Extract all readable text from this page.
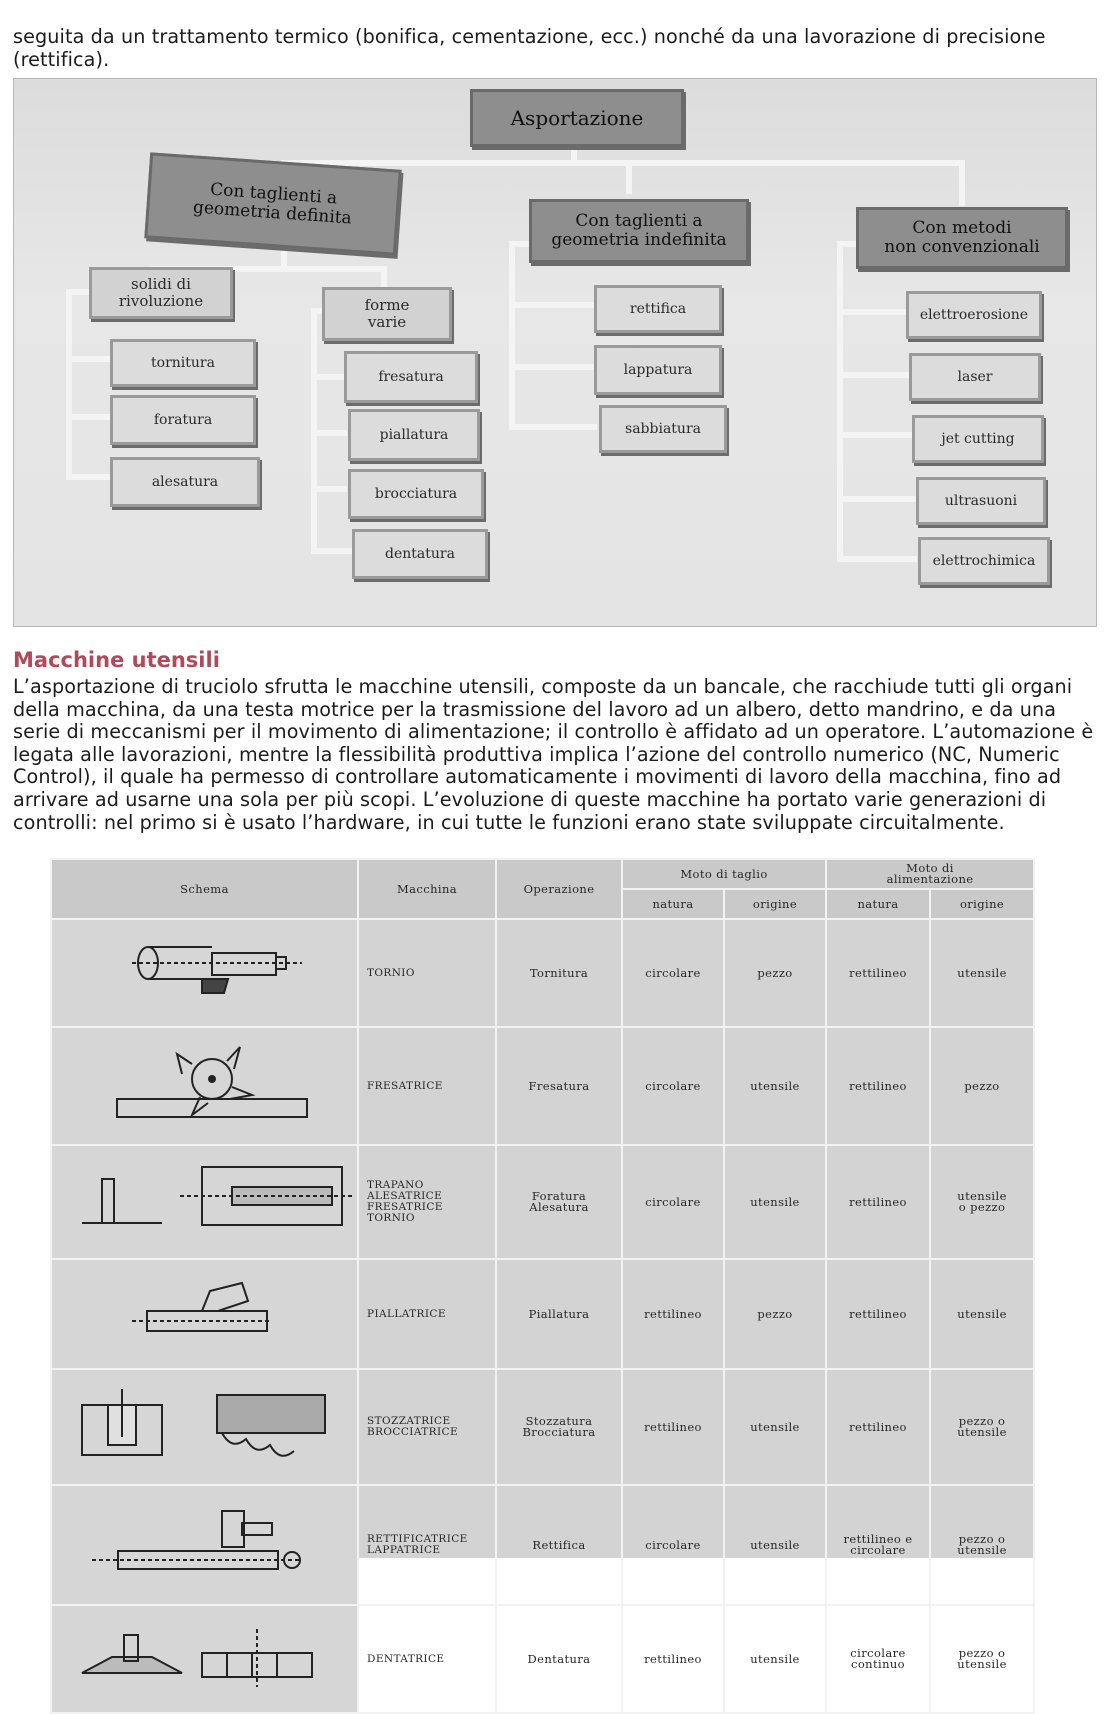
seguita da un trattamento termico (bonifica, cementazione, ecc.) nonché da una lavorazione di precisione (rettifica).

Asportazione
Con taglienti a
geometria definita	Con taglienti a
geometria indefinita
Con metodi
non convenzionali
solidi di
rivoluzione	forme
varie
tornitura
foratura
alesatura
fresatura
piallatura
brocciatura
dentatura
rettifica
lappatura
sabbiatura
elettroerosione
laser
jet cutting
ultrasuoni
elettrochimica
Macchine utensili

L’asportazione di truciolo sfrutta le macchine utensili, composte da un bancale, che racchiude tutti gli organi della macchina, da una testa motrice per la trasmissione del lavoro ad un albero, detto mandrino, e da una serie di meccanismi per il movimento di alimentazione; il controllo è affidato ad un operatore. L’automazione è legata alle lavorazioni, mentre la flessibilità produttiva implica l’azione del controllo numerico (NC, Numeric Control), il quale ha permesso di controllare automaticamente i movimenti di lavoro della macchina, fino ad arrivare ad usarne una sola per più scopi. L’evoluzione di queste macchine ha portato varie generazioni di controlli: nel primo si è usato l’hardware, in cui tutte le funzioni erano state sviluppate circuitalmente.

Schema	Macchina	Operazione	Moto di taglio		Moto di
alimentazione	
			natura	origine	natura	origine

	TORNIO	Tornitura	circolare	pezzo	rettilineo	utensile

	FRESATRICE	Fresatura	circolare	utensile	rettilineo	pezzo

	TRAPANO
ALESATRICE
FRESATRICE
TORNIO	Foratura
Alesatura	circolare	utensile	rettilineo	utensile
o pezzo

	PIALLATRICE	Piallatura	rettilineo	pezzo	rettilineo	utensile

	STOZZATRICE
BROCCIATRICE	Stozzatura
Brocciatura	rettilineo	utensile	rettilineo	pezzo o
utensile

	RETTIFICATRICE
LAPPATRICE	Rettifica	circolare	utensile	rettilineo e
circolare	pezzo o
utensile

	DENTATRICE	Dentatura	rettilineo	utensile	circolare
continuo	pezzo o
utensile
